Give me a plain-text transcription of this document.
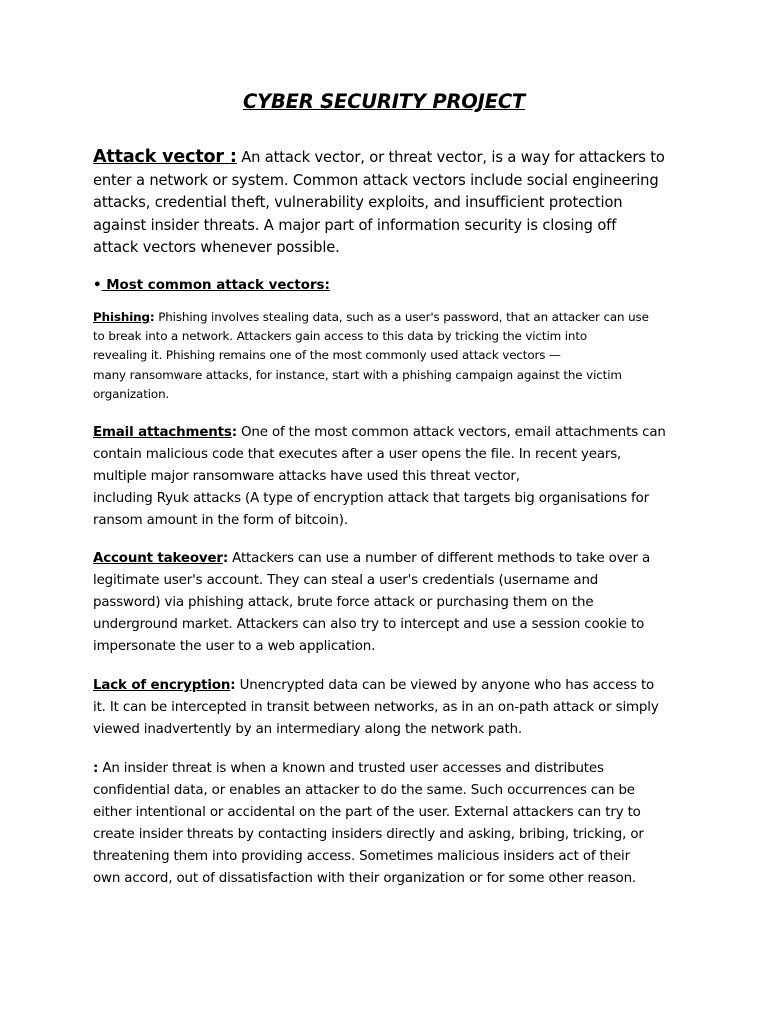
CYBER SECURITY PROJECT
Attack vector : An attack vector, or threat vector, is a way for attackers to
enter a network or system. Common attack vectors include social engineering
attacks, credential theft, vulnerability exploits, and insufficient protection
against insider threats. A major part of information security is closing off
attack vectors whenever possible.
• Most common attack vectors:
Phishing: Phishing involves stealing data, such as a user's password, that an attacker can use
to break into a network. Attackers gain access to this data by tricking the victim into
revealing it. Phishing remains one of the most commonly used attack vectors —
many ransomware attacks, for instance, start with a phishing campaign against the victim
organization.
Email attachments: One of the most common attack vectors, email attachments can
contain malicious code that executes after a user opens the file. In recent years,
multiple major ransomware attacks have used this threat vector,
including Ryuk attacks (A type of encryption attack that targets big organisations for
ransom amount in the form of bitcoin).
Account takeover: Attackers can use a number of different methods to take over a
legitimate user's account. They can steal a user's credentials (username and
password) via phishing attack, brute force attack or purchasing them on the
underground market. Attackers can also try to intercept and use a session cookie to
impersonate the user to a web application.
Lack of encryption: Unencrypted data can be viewed by anyone who has access to
it. It can be intercepted in transit between networks, as in an on-path attack or simply
viewed inadvertently by an intermediary along the network path.
: An insider threat is when a known and trusted user accesses and distributes
confidential data, or enables an attacker to do the same. Such occurrences can be
either intentional or accidental on the part of the user. External attackers can try to
create insider threats by contacting insiders directly and asking, bribing, tricking, or
threatening them into providing access. Sometimes malicious insiders act of their
own accord, out of dissatisfaction with their organization or for some other reason.
